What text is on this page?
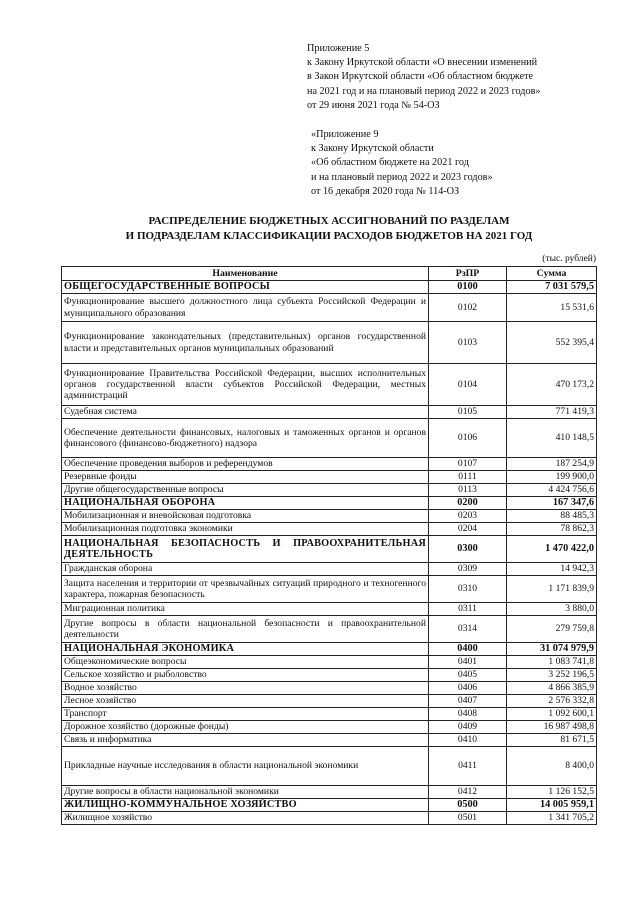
Приложение 5
к Закону Иркутской области «О внесении изменений
в Закон Иркутской области «Об областном бюджете
на 2021 год и на плановый период 2022 и 2023 годов»
от 29 июня 2021 года № 54-ОЗ
«Приложение 9
к Закону Иркутской области
«Об областном бюджете на 2021 год
и на плановый период 2022 и 2023 годов»
от 16 декабря 2020 года № 114-ОЗ
РАСПРЕДЕЛЕНИЕ БЮДЖЕТНЫХ АССИГНОВАНИЙ ПО РАЗДЕЛАМ
И ПОДРАЗДЕЛАМ КЛАССИФИКАЦИИ РАСХОДОВ БЮДЖЕТОВ НА 2021 ГОД
(тыс. рублей)
Наименование	РзПР	Сумма
ОБЩЕГОСУДАРСТВЕННЫЕ ВОПРОСЫ	0100	7 031 579,5
Функционирование высшего должностного лица субъекта Российской Федерации и муниципального образования	0102	15 531,6
Функционирование законодательных (представительных) органов государственной власти и представительных органов муниципальных образований	0103	552 395,4
Функционирование Правительства Российской Федерации, высших исполнительных органов государственной власти субъектов Российской Федерации, местных администраций	0104	470 173,2
Судебная система	0105	771 419,3
Обеспечение деятельности финансовых, налоговых и таможенных органов и органов финансового (финансово-бюджетного) надзора	0106	410 148,5
Обеспечение проведения выборов и референдумов	0107	187 254,9
Резервные фонды	0111	199 900,0
Другие общегосударственные вопросы	0113	4 424 756,6
НАЦИОНАЛЬНАЯ ОБОРОНА	0200	167 347,6
Мобилизационная и вневойсковая подготовка	0203	88 485,3
Мобилизационная подготовка экономики	0204	78 862,3
НАЦИОНАЛЬНАЯ БЕЗОПАСНОСТЬ И ПРАВООХРАНИТЕЛЬНАЯ ДЕЯТЕЛЬНОСТЬ	0300	1 470 422,0
Гражданская оборона	0309	14 942,3
Защита населения и территории от чрезвычайных ситуаций природного и техногенного характера, пожарная безопасность	0310	1 171 839,9
Миграционная политика	0311	3 880,0
Другие вопросы в области национальной безопасности и правоохранительной деятельности	0314	279 759,8
НАЦИОНАЛЬНАЯ ЭКОНОМИКА	0400	31 074 979,9
Общеэкономические вопросы	0401	1 083 741,8
Сельское хозяйство и рыболовство	0405	3 252 196,5
Водное хозяйство	0406	4 866 385,9
Лесное хозяйство	0407	2 576 332,8
Транспорт	0408	1 092 600,1
Дорожное хозяйство (дорожные фонды)	0409	16 987 498,8
Связь и информатика	0410	81 671,5
Прикладные научные исследования в области национальной экономики	0411	8 400,0
Другие вопросы в области национальной экономики	0412	1 126 152,5
ЖИЛИЩНО-КОММУНАЛЬНОЕ ХОЗЯЙСТВО	0500	14 005 959,1
Жилищное хозяйство	0501	1 341 705,2
